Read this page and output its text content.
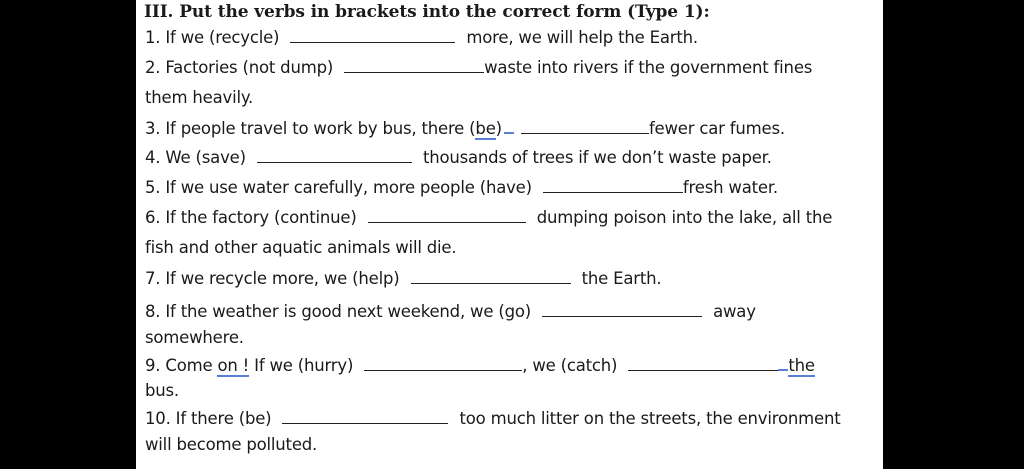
III. Put the verbs in brackets into the correct form (Type 1):
1. If we (recycle)	more, we will help the Earth.
2. Factories (not dump)	waste into rivers if the government fines
them heavily.
3. If people travel to work by bus, there (be)	fewer car fumes.
4. We (save)	thousands of trees if we don’t waste paper.
5. If we use water carefully, more people (have)	fresh water.
6. If the factory (continue)	dumping poison into the lake, all the
fish and other aquatic animals will die.
7. If we recycle more, we (help)	the Earth.
8. If the weather is good next weekend, we (go)	away
somewhere.
9. Come on ! If we (hurry)	, we (catch)	the
bus.
10. If there (be)	too much litter on the streets, the environment
will become polluted.
